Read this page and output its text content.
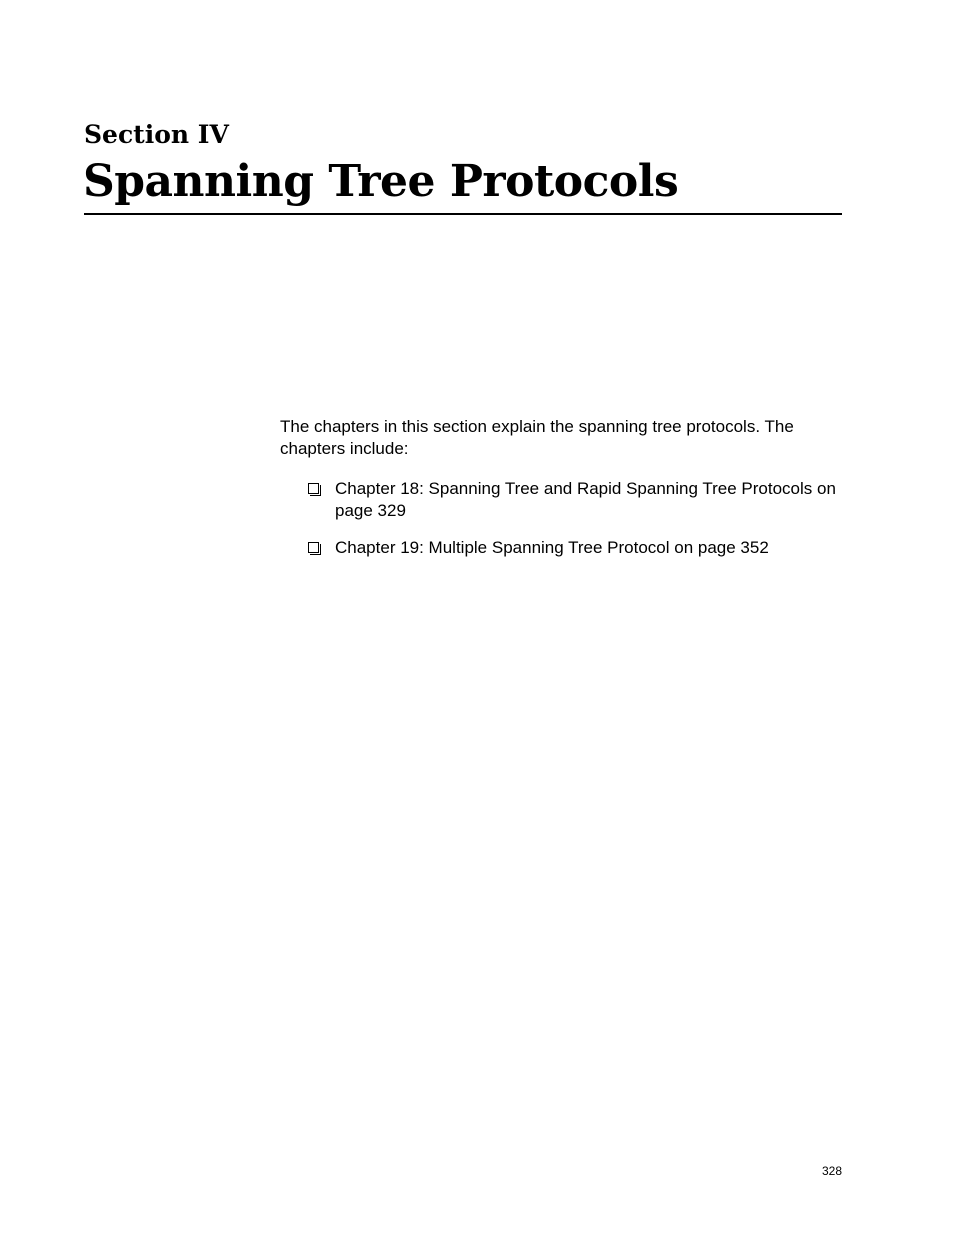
Section IV
Spanning Tree Protocols

The chapters in this section explain the spanning tree protocols. The chapters include:

Chapter 18: Spanning Tree and Rapid Spanning Tree Protocols on page 329
Chapter 19: Multiple Spanning Tree Protocol on page 352
328
